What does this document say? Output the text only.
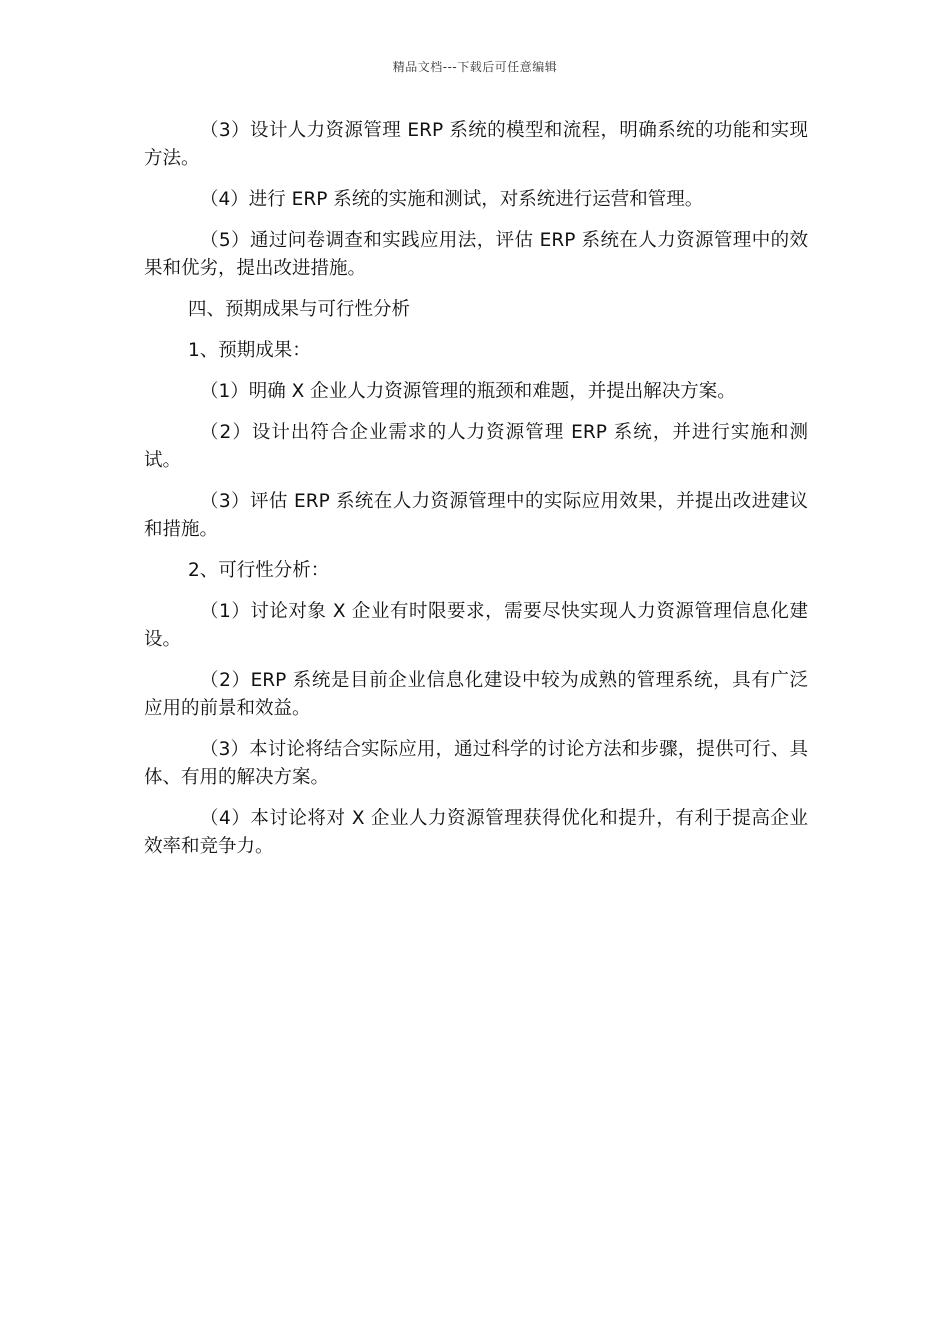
精品文档---下载后可任意编辑

（3）设计人力资源管理 ERP 系统的模型和流程，明确系统的功能和实现方法。

（4）进行 ERP 系统的实施和测试，对系统进行运营和管理。

（5）通过问卷调查和实践应用法，评估 ERP 系统在人力资源管理中的效果和优劣，提出改进措施。

四、预期成果与可行性分析

1、预期成果：

（1）明确 X 企业人力资源管理的瓶颈和难题，并提出解决方案。

（2）设计出符合企业需求的人力资源管理 ERP 系统，并进行实施和测试。

（3）评估 ERP 系统在人力资源管理中的实际应用效果，并提出改进建议和措施。

2、可行性分析：

（1）讨论对象 X 企业有时限要求，需要尽快实现人力资源管理信息化建设。

（2）ERP 系统是目前企业信息化建设中较为成熟的管理系统，具有广泛应用的前景和效益。

（3）本讨论将结合实际应用，通过科学的讨论方法和步骤，提供可行、具体、有用的解决方案。

（4）本讨论将对 X 企业人力资源管理获得优化和提升，有利于提高企业效率和竞争力。
